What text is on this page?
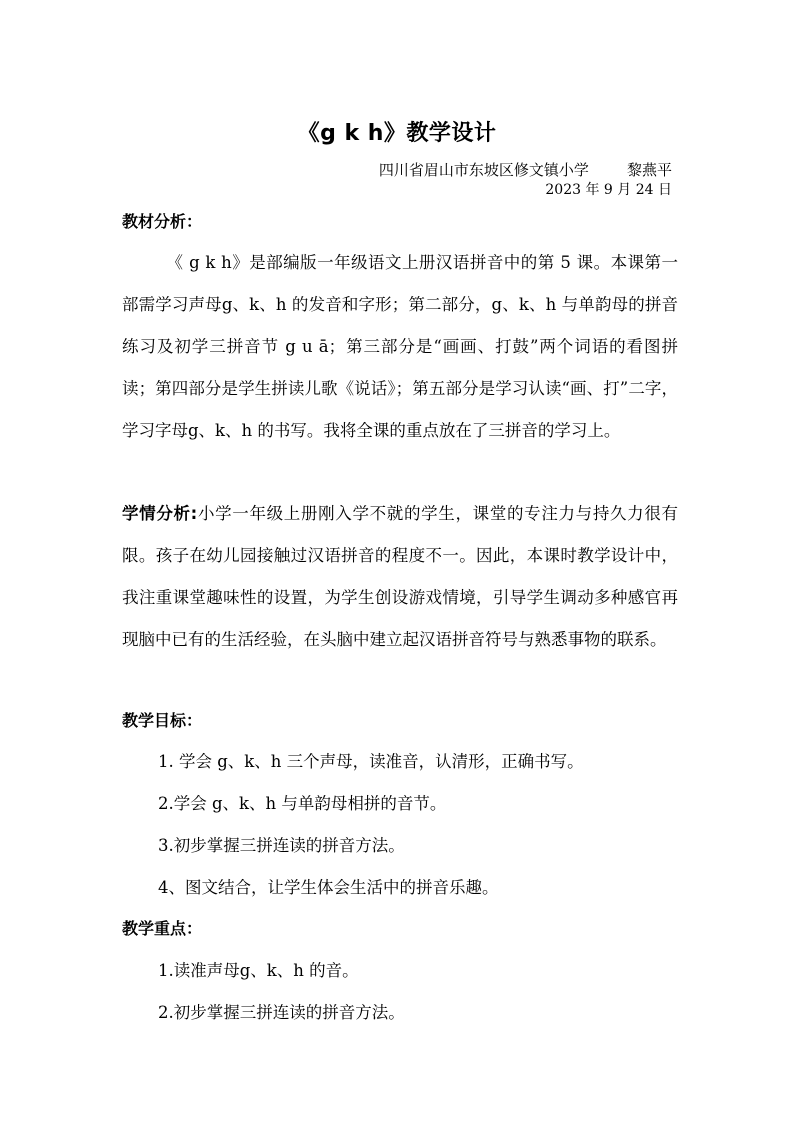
《g k h》教学设计
四川省眉山市东坡区修文镇小学        黎燕平
2023 年 9 月 24 日
教材分析：
《 g k h》是部编版一年级语文上册汉语拼音中的第 5 课。本课第一部需学习声母g、k、h 的发音和字形；第二部分，g、k、h 与单韵母的拼音练习及初学三拼音节 g u ā；第三部分是“画画、打鼓”两个词语的看图拼读；第四部分是学生拼读儿歌《说话》；第五部分是学习认读“画、打”二字，学习字母g、k、h 的书写。我将全课的重点放在了三拼音的学习上。
学情分析:小学一年级上册刚入学不就的学生，课堂的专注力与持久力很有限。孩子在幼儿园接触过汉语拼音的程度不一。因此，本课时教学设计中，我注重课堂趣味性的设置，为学生创设游戏情境，引导学生调动多种感官再现脑中已有的生活经验，在头脑中建立起汉语拼音符号与熟悉事物的联系。
教学目标：
1. 学会 g、k、h 三个声母，读准音，认清形，正确书写。
2.学会 g、k、h 与单韵母相拼的音节。
3.初步掌握三拼连读的拼音方法。
4、图文结合，让学生体会生活中的拼音乐趣。
教学重点：
1.读准声母g、k、h 的音。
2.初步掌握三拼连读的拼音方法。
